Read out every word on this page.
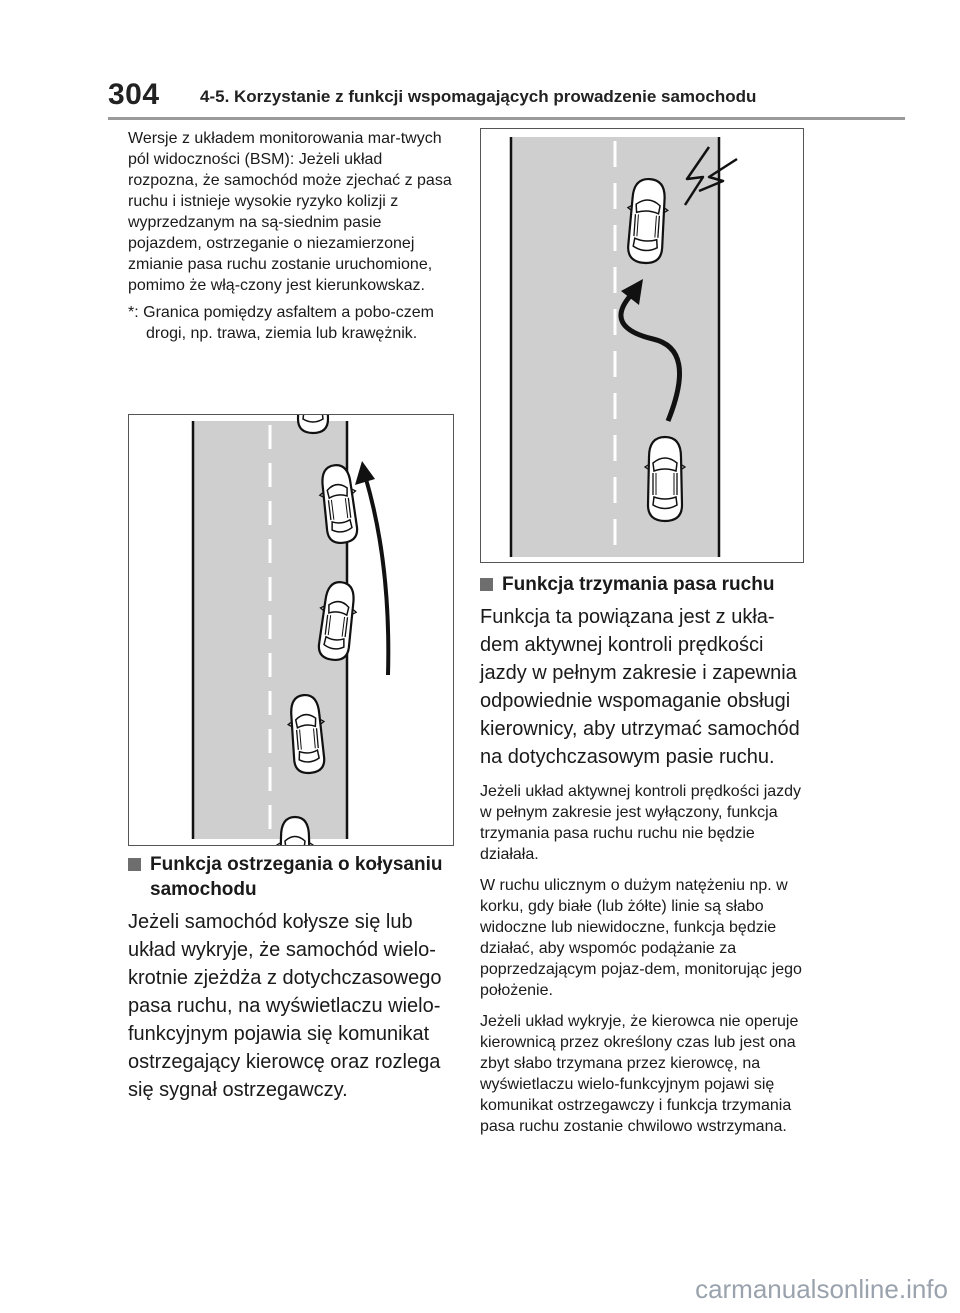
304 4-5. Korzystanie z funkcji wspomagających prowadzenie samochodu

Wersje z układem monitorowania mar-twych pól widoczności (BSM): Jeżeli układ rozpozna, że samochód może zjechać z pasa ruchu i istnieje wysokie ryzyko kolizji z wyprzedzanym na są-siednim pasie pojazdem, ostrzeganie o niezamierzonej zmianie pasa ruchu zostanie uruchomione, pomimo że włą-czony jest kierunkowskaz.

*: Granica pomiędzy asfaltem a pobo-czem drogi, np. trawa, ziemia lub krawężnik.

Funkcja ostrzegania o kołysaniu
samochodu

Jeżeli samochód kołysze się lub układ wykryje, że samochód wielo-krotnie zjeżdża z dotychczasowego pasa ruchu, na wyświetlaczu wielo-funkcyjnym pojawia się komunikat ostrzegający kierowcę oraz rozlega się sygnał ostrzegawczy.

Funkcja trzymania pasa ruchu

Funkcja ta powiązana jest z ukła-dem aktywnej kontroli prędkości jazdy w pełnym zakresie i zapewnia odpowiednie wspomaganie obsługi kierownicy, aby utrzymać samochód na dotychczasowym pasie ruchu.

Jeżeli układ aktywnej kontroli prędkości jazdy w pełnym zakresie jest wyłączony, funkcja trzymania pasa ruchu ruchu nie będzie działała.

W ruchu ulicznym o dużym natężeniu np. w korku, gdy białe (lub żółte) linie są słabo widoczne lub niewidoczne, funkcja będzie działać, aby wspomóc podążanie za poprzedzającym pojaz-dem, monitorując jego położenie.

Jeżeli układ wykryje, że kierowca nie operuje kierownicą przez określony czas lub jest ona zbyt słabo trzymana przez kierowcę, na wyświetlaczu wielo-funkcyjnym pojawi się komunikat ostrzegawczy i funkcja trzymania pasa ruchu zostanie chwilowo wstrzymana.

carmanualsonline.info
